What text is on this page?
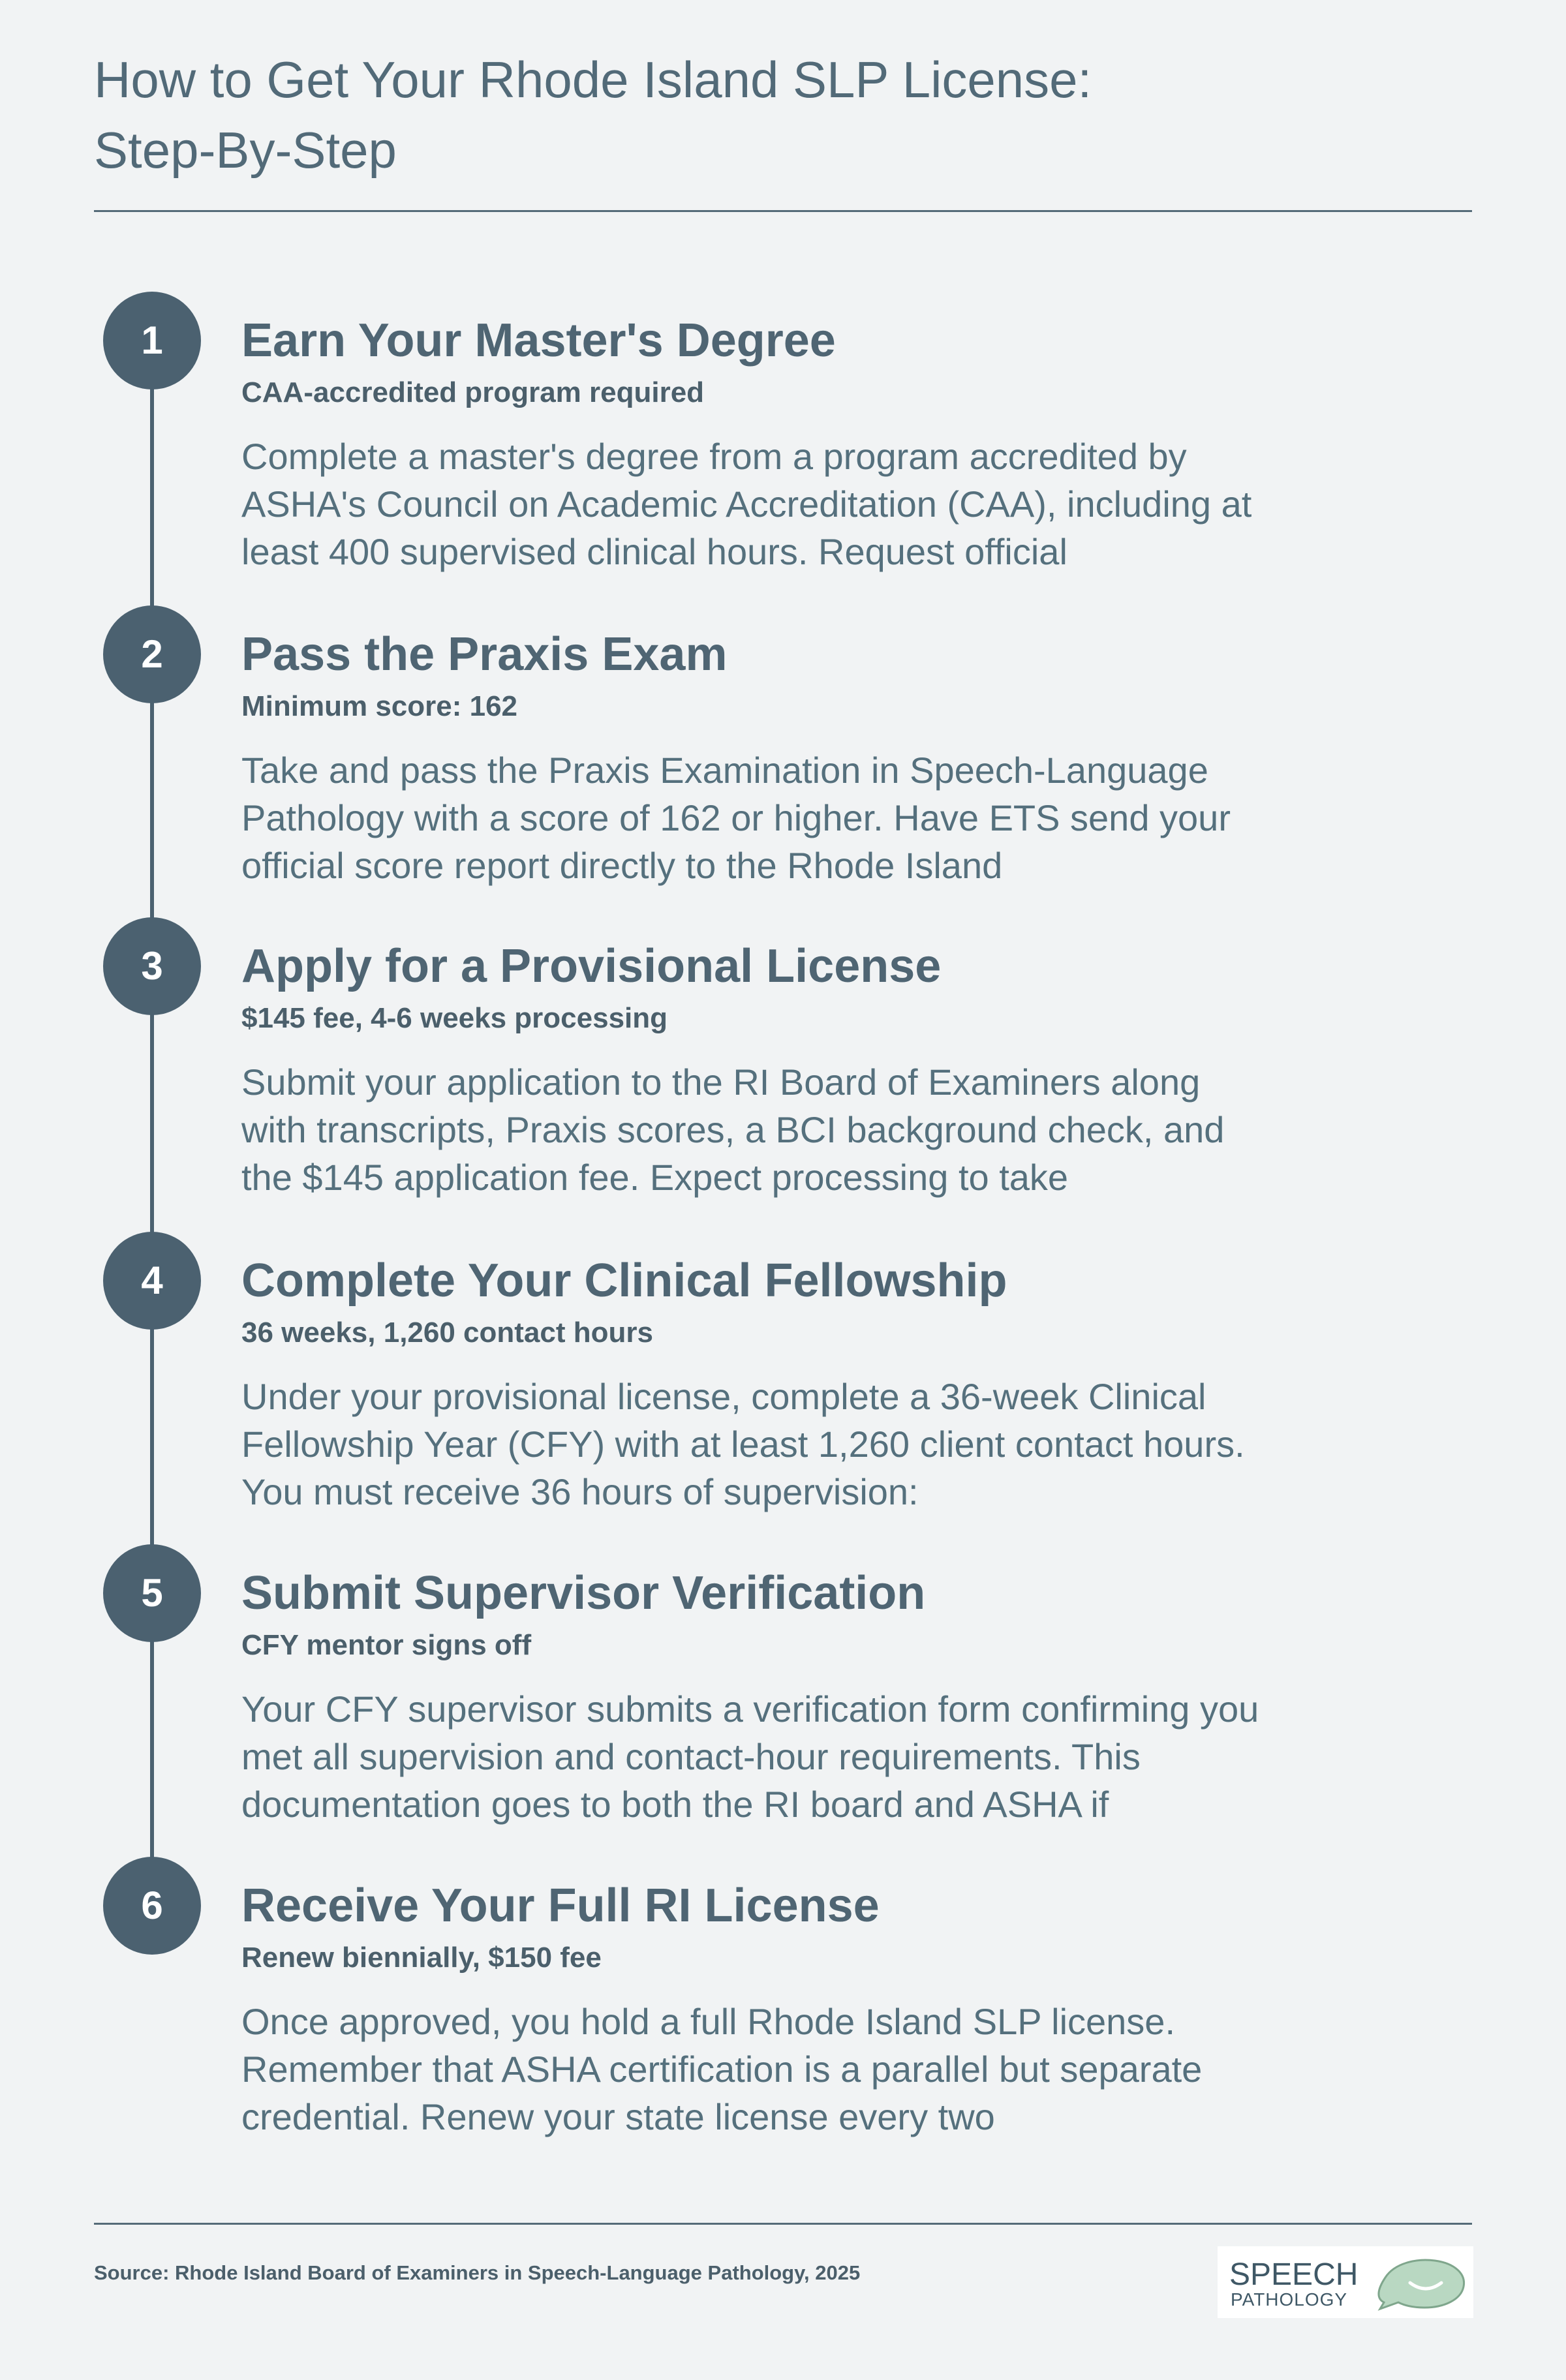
How to Get Your Rhode Island SLP License:
Step-By-Step
1	Earn Your Master's Degree
CAA-accredited program required
Complete a master's degree from a program accredited by ASHA's Council on Academic Accreditation (CAA), including at least 400 supervised clinical hours. Request official
2	Pass the Praxis Exam
Minimum score: 162
Take and pass the Praxis Examination in Speech-Language Pathology with a score of 162 or higher. Have ETS send your official score report directly to the Rhode Island
3	Apply for a Provisional License
$145 fee, 4-6 weeks processing
Submit your application to the RI Board of Examiners along with transcripts, Praxis scores, a BCI background check, and the $145 application fee. Expect processing to take
4	Complete Your Clinical Fellowship
36 weeks, 1,260 contact hours
Under your provisional license, complete a 36-week Clinical Fellowship Year (CFY) with at least 1,260 client contact hours. You must receive 36 hours of supervision:
5	Submit Supervisor Verification
CFY mentor signs off
Your CFY supervisor submits a verification form confirming you met all supervision and contact-hour requirements. This documentation goes to both the RI board and ASHA if
6	Receive Your Full RI License
Renew biennially, $150 fee
Once approved, you hold a full Rhode Island SLP license. Remember that ASHA certification is a parallel but separate credential. Renew your state license every two
Source: Rhode Island Board of Examiners in Speech-Language Pathology, 2025	SPEECH
PATHOLOGY
